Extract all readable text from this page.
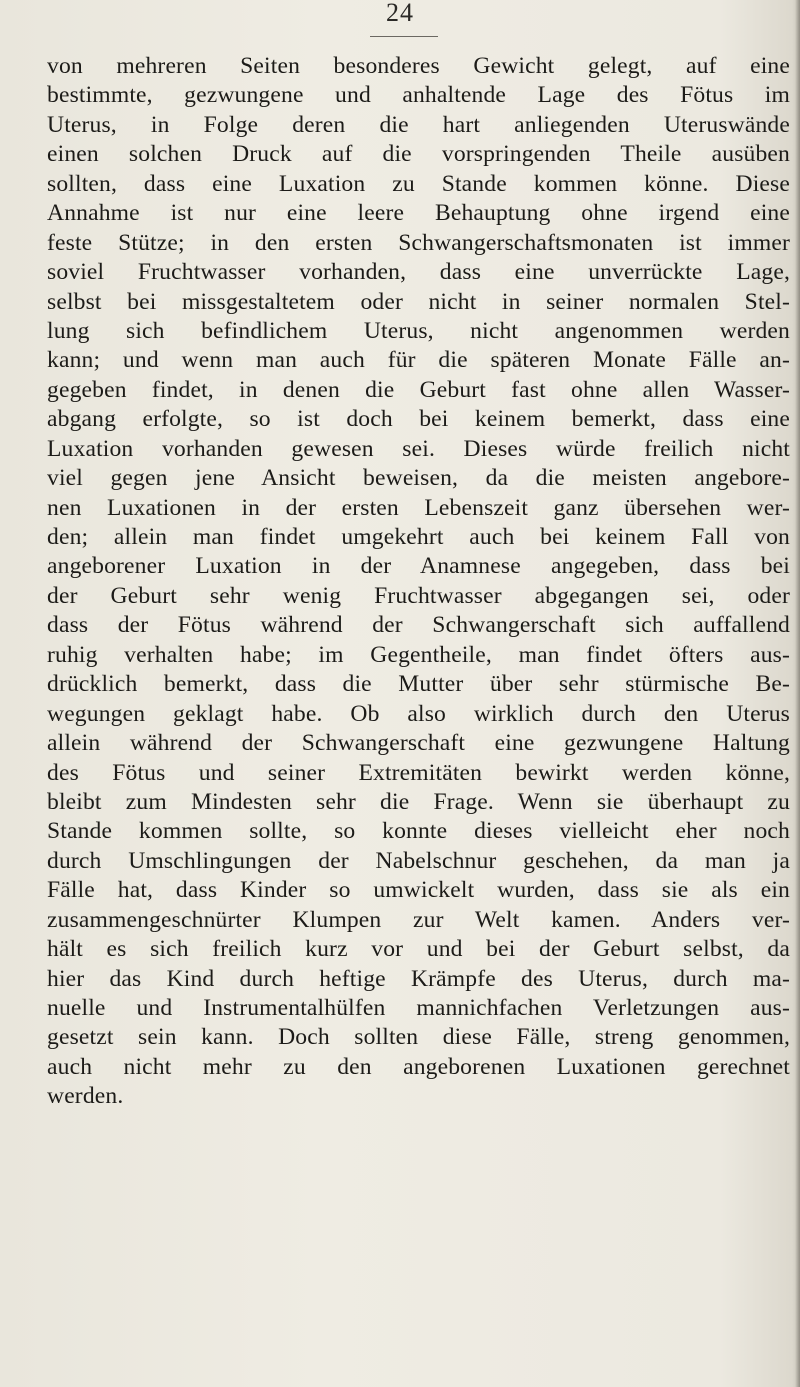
24
von mehreren Seiten besonderes Gewicht gelegt, auf eine
bestimmte, gezwungene und anhaltende Lage des Fötus im
Uterus, in Folge deren die hart anliegenden Uteruswände
einen solchen Druck auf die vorspringenden Theile ausüben
sollten, dass eine Luxation zu Stande kommen könne. Diese
Annahme ist nur eine leere Behauptung ohne irgend eine
feste Stütze; in den ersten Schwangerschaftsmonaten ist immer
soviel Fruchtwasser vorhanden, dass eine unverrückte Lage,
selbst bei missgestaltetem oder nicht in seiner normalen Stel-
lung sich befindlichem Uterus, nicht angenommen werden
kann; und wenn man auch für die späteren Monate Fälle an-
gegeben findet, in denen die Geburt fast ohne allen Wasser-
abgang erfolgte, so ist doch bei keinem bemerkt, dass eine
Luxation vorhanden gewesen sei. Dieses würde freilich nicht
viel gegen jene Ansicht beweisen, da die meisten angebore-
nen Luxationen in der ersten Lebenszeit ganz übersehen wer-
den; allein man findet umgekehrt auch bei keinem Fall von
angeborener Luxation in der Anamnese angegeben, dass bei
der Geburt sehr wenig Fruchtwasser abgegangen sei, oder
dass der Fötus während der Schwangerschaft sich auffallend
ruhig verhalten habe; im Gegentheile, man findet öfters aus-
drücklich bemerkt, dass die Mutter über sehr stürmische Be-
wegungen geklagt habe. Ob also wirklich durch den Uterus
allein während der Schwangerschaft eine gezwungene Haltung
des Fötus und seiner Extremitäten bewirkt werden könne,
bleibt zum Mindesten sehr die Frage. Wenn sie überhaupt zu
Stande kommen sollte, so konnte dieses vielleicht eher noch
durch Umschlingungen der Nabelschnur geschehen, da man ja
Fälle hat, dass Kinder so umwickelt wurden, dass sie als ein
zusammengeschnürter Klumpen zur Welt kamen. Anders ver-
hält es sich freilich kurz vor und bei der Geburt selbst, da
hier das Kind durch heftige Krämpfe des Uterus, durch ma-
nuelle und Instrumentalhülfen mannichfachen Verletzungen aus-
gesetzt sein kann. Doch sollten diese Fälle, streng genommen,
auch nicht mehr zu den angeborenen Luxationen gerechnet
werden.
